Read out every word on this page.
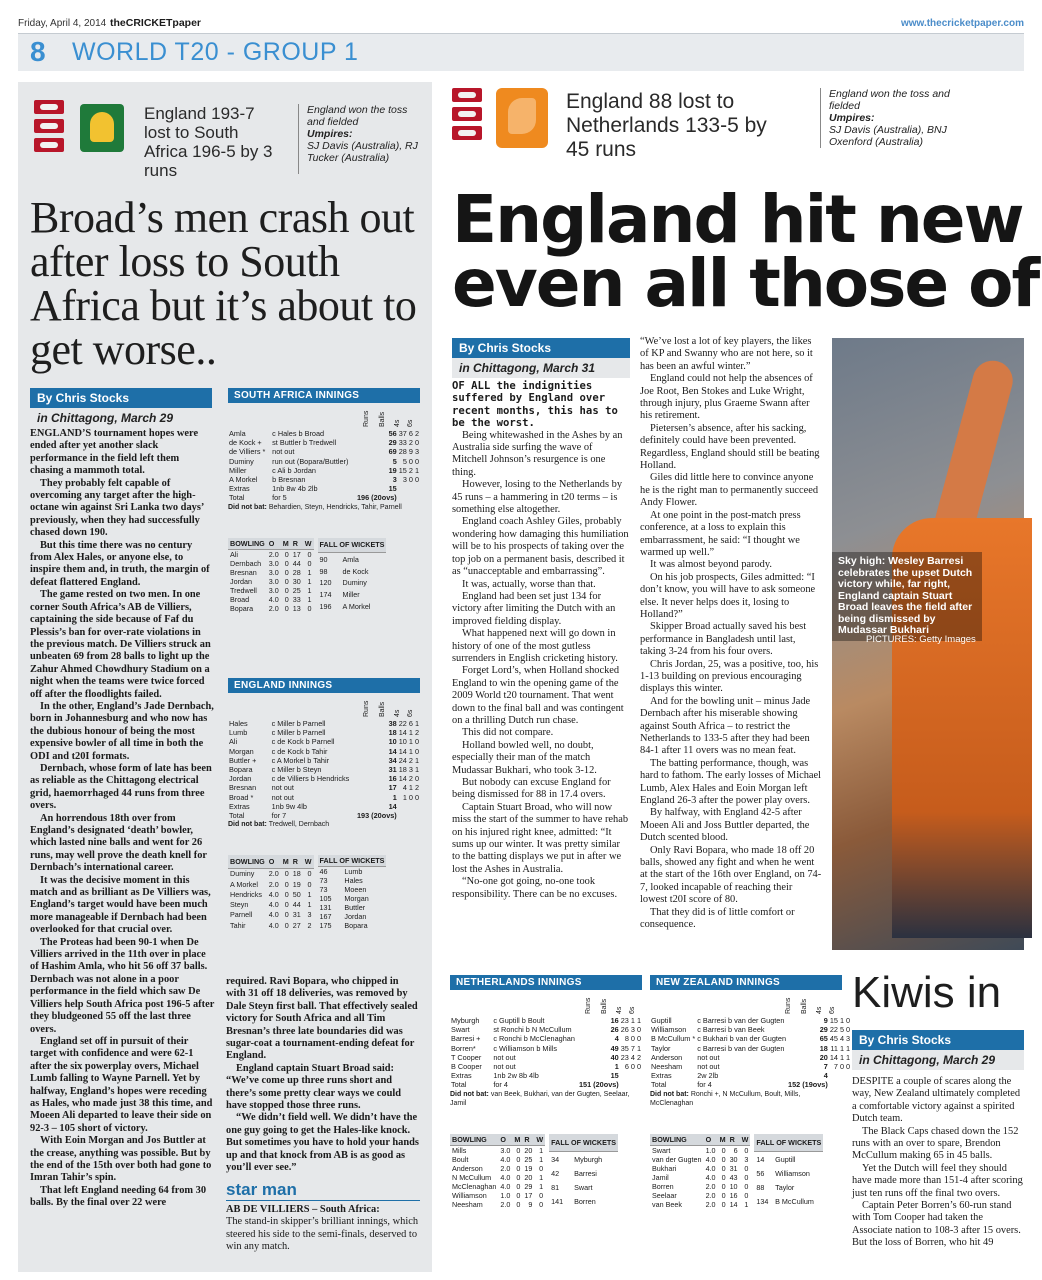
Friday, April 4, 2014 theCRICKETpaper	www.thecricketpaper.com
8 WORLD T20 - GROUP 1
England 193-7 lost to South Africa 196-5 by 3 runs
England won the toss and fielded
Umpires:
SJ Davis (Australia), RJ Tucker (Australia)
Broad’s men crash out after loss to South Africa but it’s about to get worse..
By Chris Stocks
in Chittagong, March 29

ENGLAND’S tournament hopes were ended after yet another slack performance in the field left them chasing a mammoth total.

They probably felt capable of overcoming any target after the high-octane win against Sri Lanka two days’ previously, when they had successfully chased down 190.

But this time there was no century from Alex Hales, or anyone else, to inspire them and, in truth, the margin of defeat flattered England.

The game rested on two men. In one corner South Africa’s AB de Villiers, captaining the side because of Faf du Plessis’s ban for over-rate violations in the previous match. De Villiers struck an unbeaten 69 from 28 balls to light up the Zahur Ahmed Chowdhury Stadium on a night when the teams were twice forced off after the floodlights failed.

In the other, England’s Jade Dernbach, born in Johannesburg and who now has the dubious honour of being the most expensive bowler of all time in both the ODI and t20I formats.

Dernbach, whose form of late has been as reliable as the Chittagong electrical grid, haemorrhaged 44 runs from three overs.

An horrendous 18th over from England’s designated ‘death’ bowler, which lasted nine balls and went for 26 runs, may well prove the death knell for Dernbach’s international career.

It was the decisive moment in this match and as brilliant as De Villiers was, England’s target would have been much more manageable if Dernbach had been overlooked for that crucial over.

The Proteas had been 90-1 when De Villiers arrived in the 11th over in place of Hashim Amla, who hit 56 off 37 balls. Dernbach was not alone in a poor performance in the field which saw De Villiers help South Africa post 196-5 after they bludgeoned 55 off the last three overs.

England set off in pursuit of their target with confidence and were 62-1 after the six powerplay overs, Michael Lumb falling to Wayne Parnell. Yet by halfway, England’s hopes were receding as Hales, who made just 38 this time, and Moeen Ali departed to leave their side on 92-3 – 105 short of victory.

With Eoin Morgan and Jos Buttler at the crease, anything was possible. But by the end of the 15th over both had gone to Imran Tahir’s spin.

That left England needing 64 from 30 balls. By the final over 22 were

SOUTH AFRICA INNINGS
Runs Balls 4s 6s
Amla	c Hales b Broad	56	37	6	2
de Kock +	st Buttler b Tredwell	29	33	2	0
de Villiers *	not out	69	28	9	3
Duminy	run out (Bopara/Buttler)	5	5	0	0
Miller	c Ali b Jordan	19	15	2	1
A Morkel	b Bresnan	3	3	0	0
Extras	1nb 8w 4b 2lb	15			
Total	for 5	196 (20ovs)			
Did not bat: Behardien, Steyn, Hendricks, Tahir, Parnell
BOWLING	O	M	R	W
Ali	2.0	0	17	0
Dernbach	3.0	0	44	0
Bresnan	3.0	0	28	1
Jordan	3.0	0	30	1
Tredwell	3.0	0	25	1
Broad	4.0	0	33	1
Bopara	2.0	0	13	0
FALL OF WICKETS	
90	Amla
98	de Kock
120	Duminy
174	Miller
196	A Morkel
ENGLAND INNINGS
Runs Balls 4s 6s
Hales	c Miller b Parnell	38	22	6	1
Lumb	c Miller b Parnell	18	14	1	2
Ali	c de Kock b Parnell	10	10	1	0
Morgan	c de Kock b Tahir	14	14	1	0
Buttler +	c A Morkel b Tahir	34	24	2	1
Bopara	c Miller b Steyn	31	18	3	1
Jordan	c de Villiers b Hendricks	16	14	2	0
Bresnan	not out	17	4	1	2
Broad *	not out	1	1	0	0
Extras	1nb 9w 4lb	14			
Total	for 7	193 (20ovs)			
Did not bat: Tredwell, Dernbach
BOWLING	O	M	R	W
Duminy	2.0	0	18	0
A Morkel	2.0	0	19	0
Hendricks	4.0	0	50	1
Steyn	4.0	0	44	1
Parnell	4.0	0	31	3
Tahir	4.0	0	27	2
FALL OF WICKETS	
46	Lumb
73	Hales
73	Moeen
105	Morgan
131	Buttler
167	Jordan
175	Bopara

required. Ravi Bopara, who chipped in with 31 off 18 deliveries, was removed by Dale Steyn first ball. That effectively sealed victory for South Africa and all Tim Bresnan’s three late boundaries did was sugar-coat a tournament-ending defeat for England.

England captain Stuart Broad said: “We’ve come up three runs short and there’s some pretty clear ways we could have stopped those three runs.

“We didn’t field well. We didn’t have the one guy going to get the Hales-like knock. But sometimes you have to hold your hands up and that knock from AB is as good as you’ll ever see.”

star man

AB DE VILLIERS – South Africa:

The stand-in skipper’s brilliant innings, which steered his side to the semi-finals, deserved to win any match.

England 88 lost to Netherlands 133-5 by 45 runs
England won the toss and fielded
Umpires:
SJ Davis (Australia), BNJ Oxenford (Australia)
England hit new
even all those of
By Chris Stocks
in Chittagong, March 31

OF ALL the indignities suffered by England over recent months, this has to be the worst.

Being whitewashed in the Ashes by an Australia side surfing the wave of Mitchell Johnson’s resurgence is one thing.

However, losing to the Netherlands by 45 runs – a hammering in t20 terms – is something else altogether.

England coach Ashley Giles, probably wondering how damaging this humiliation will be to his prospects of taking over the top job on a permanent basis, described it as “unacceptable and embarrassing”.

It was, actually, worse than that.

England had been set just 134 for victory after limiting the Dutch with an improved fielding display.

What happened next will go down in history of one of the most gutless surrenders in English cricketing history.

Forget Lord’s, when Holland shocked England to win the opening game of the 2009 World t20 tournament. That went down to the final ball and was contingent on a thrilling Dutch run chase.

This did not compare.

Holland bowled well, no doubt, especially their man of the match Mudassar Bukhari, who took 3-12.

But nobody can excuse England for being dismissed for 88 in 17.4 overs.

Captain Stuart Broad, who will now miss the start of the summer to have rehab on his injured right knee, admitted: “It sums up our winter. It was pretty similar to the batting displays we put in after we lost the Ashes in Australia.

“No-one got going, no-one took responsibility. There can be no excuses.

“We’ve lost a lot of key players, the likes of KP and Swanny who are not here, so it has been an awful winter.”

England could not help the absences of Joe Root, Ben Stokes and Luke Wright, through injury, plus Graeme Swann after his retirement.

Pietersen’s absence, after his sacking, definitely could have been prevented. Regardless, England should still be beating Holland.

Giles did little here to convince anyone he is the right man to permanently succeed Andy Flower.

At one point in the post-match press conference, at a loss to explain this embarrassment, he said: “I thought we warmed up well.”

It was almost beyond parody.

On his job prospects, Giles admitted: “I don’t know, you will have to ask someone else. It never helps does it, losing to Holland?”

Skipper Broad actually saved his best performance in Bangladesh until last, taking 3-24 from his four overs.

Chris Jordan, 25, was a positive, too, his 1-13 building on previous encouraging displays this winter.

And for the bowling unit – minus Jade Dernbach after his miserable showing against South Africa – to restrict the Netherlands to 133-5 after they had been 84-1 after 11 overs was no mean feat.

The batting performance, though, was hard to fathom. The early losses of Michael Lumb, Alex Hales and Eoin Morgan left England 26-3 after the power play overs.

By halfway, with England 42-5 after Moeen Ali and Joss Buttler departed, the Dutch scented blood.

Only Ravi Bopara, who made 18 off 20 balls, showed any fight and when he went at the start of the 16th over England, on 74-7, looked incapable of reaching their lowest t20I score of 80.

That they did is of little comfort or consequence.

Sky high: Wesley Barresi celebrates the upset Dutch victory while, far right, England captain Stuart Broad leaves the field after being dismissed by Mudassar Bukhari
PICTURES: Getty Images
NETHERLANDS INNINGS
Runs Balls 4s 6s
Myburgh	c Guptill b Boult	16	23	1	1
Swart	st Ronchi b N McCullum	26	26	3	0
Barresi +	c Ronchi b McClenaghan	4	8	0	0
Borren*	c Williamson b Mills	49	35	7	1
T Cooper	not out	40	23	4	2
B Cooper	not out	1	6	0	0
Extras	1nb 2w 8b 4lb	15			
Total	for 4	151 (20ovs)			
Did not bat: van Beek, Bukhari, van der Gugten, Seelaar, Jamil
BOWLING	O	M	R	W
Mills	3.0	0	20	1
Boult	4.0	0	25	1
Anderson	2.0	0	19	0
N McCullum	4.0	0	20	1
McClenaghan	4.0	0	29	1
Williamson	1.0	0	17	0
Neesham	2.0	0	9	0
FALL OF WICKETS	
34	Myburgh
42	Barresi
81	Swart
141	Borren
NEW ZEALAND INNINGS
Runs Balls 4s 6s
Guptill	c Barresi b van der Gugten	9	15	1	0
Williamson	c Barresi b van Beek	29	22	5	0
B McCullum *	c Bukhari b van der Gugten	65	45	4	3
Taylor	c Barresi b van der Gugten	18	11	1	1
Anderson	not out	20	14	1	1
Neesham	not out	7	7	0	0
Extras	2w 2lb	4			
Total	for 4	152 (19ovs)			
Did not bat: Ronchi +, N McCullum, Boult, Mills, McClenaghan
BOWLING	O	M	R	W
Swart	1.0	0	6	0
van der Gugten	4.0	0	30	3
Bukhari	4.0	0	31	0
Jamil	4.0	0	43	0
Borren	2.0	0	10	0
Seelaar	2.0	0	16	0
van Beek	2.0	0	14	1
FALL OF WICKETS	
14	Guptill
56	Williamson
88	Taylor
134	B McCullum
Kiwis in
By Chris Stocks
in Chittagong, March 29

DESPITE a couple of scares along the way, New Zealand ultimately completed a comfortable victory against a spirited Dutch team.

The Black Caps chased down the 152 runs with an over to spare, Brendon McCullum making 65 in 45 balls.

Yet the Dutch will feel they should have made more than 151-4 after scoring just ten runs off the final two overs.

Captain Peter Borren’s 60-run stand with Tom Cooper had taken the Associate nation to 108-3 after 15 overs. But the loss of Borren, who hit 49
